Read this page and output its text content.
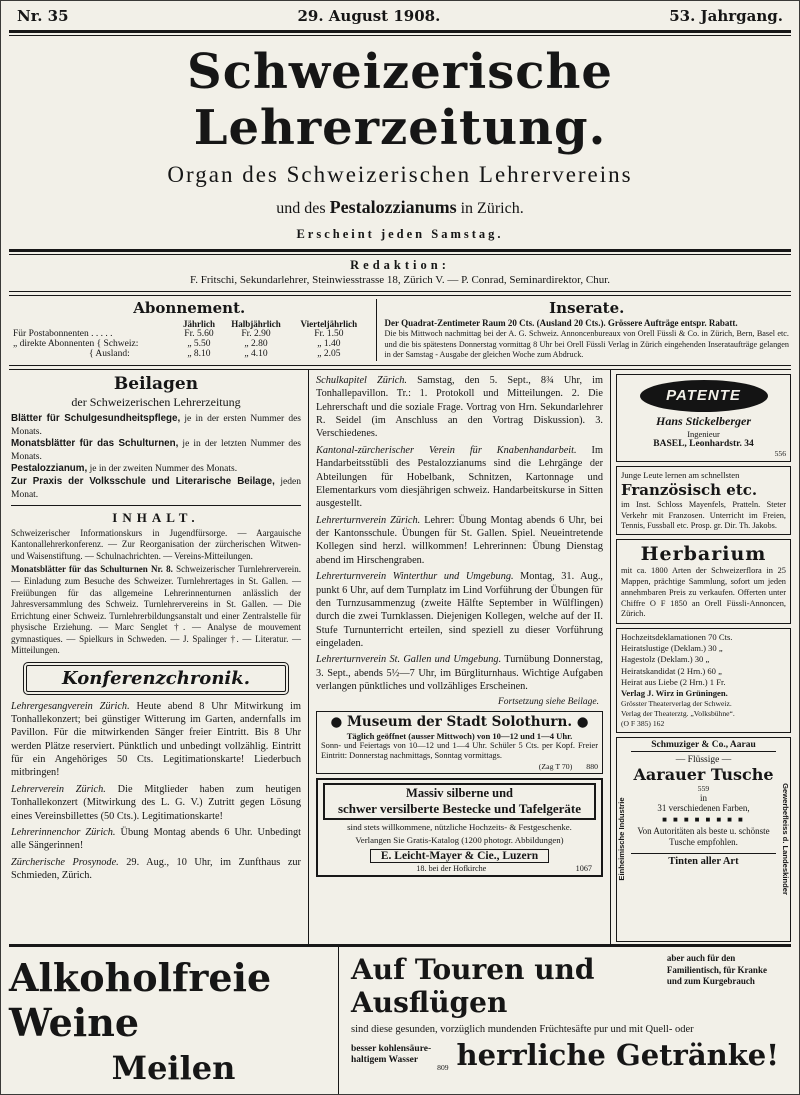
Nr. 35	29. August 1908.	53. Jahrgang.
Schweizerische Lehrerzeitung.
Organ des Schweizerischen Lehrervereins
und des Pestalozzianums in Zürich.
Erscheint jeden Samstag.
Redaktion:
F. Fritschi, Sekundarlehrer, Steinwiesstrasse 18, Zürich V. — P. Conrad, Seminardirektor, Chur.
Abonnement.
	Jährlich	Halbjährlich	Vierteljährlich
Für Postabonnenten . . . . .	Fr. 5.60	Fr. 2.90	Fr. 1.50
„ direkte Abonnenten { Schweiz:	„ 5.50	„ 2.80	„ 1.40
{ Ausland:	„ 8.10	„ 4.10	„ 2.05
Inserate.
Der Quadrat-Zentimeter Raum 20 Cts. (Ausland 20 Cts.). Grössere Aufträge entspr. Rabatt.
Die bis Mittwoch nachmittag bei der A. G. Schweiz. Annoncenbureaux von Orell Füssli & Co. in Zürich, Bern, Basel etc. und die bis spätestens Donnerstag vormittag 8 Uhr bei Orell Füssli Verlag in Zürich eingehenden Inserataufträge gelangen in der Samstag - Ausgabe der gleichen Woche zum Abdruck.
Beilagen
der Schweizerischen Lehrerzeitung
Blätter für Schulgesundheitspflege, je in der ersten Nummer des Monats.
Monatsblätter für das Schulturnen, je in der letzten Nummer des Monats.
Pestalozzianum, je in der zweiten Nummer des Monats.
Zur Praxis der Volksschule und Literarische Beilage, jeden Monat.
INHALT.

Schweizerischer Informationskurs in Jugendfürsorge. — Aargauische Kantonallehrerkonferenz. — Zur Reorganisation der zürcherischen Witwen- und Waisenstiftung. — Schulnachrichten. — Vereins-Mitteilungen.

Monatsblätter für das Schulturnen Nr. 8. Schweizerischer Turnlehrerverein. — Einladung zum Besuche des Schweizer. Turnlehrertages in St. Gallen. — Freiübungen für das allgemeine Lehrerinnenturnen anlässlich der Jahresversammlung des Schweiz. Turnlehrervereins in St. Gallen. — Die Errichtung einer Schweiz. Turnlehrerbildungsanstalt und einer Zentralstelle für physische Erziehung. — Marc Senglet †. — Analyse de mouvement gymnastiques. — Spielkurs in Schweden. — J. Spalinger †. — Literatur. — Mitteilungen.

Konferenzchronik.

Lehrergesangverein Zürich. Heute abend 8 Uhr Mitwirkung im Tonhallekonzert; bei günstiger Witterung im Garten, andernfalls im Pavillon. Für die mitwirkenden Sänger freier Eintritt. Bis 8 Uhr werden Plätze reserviert. Pünktlich und unbedingt vollzählig. Eintritt für ein Angehöriges 50 Cts. Legitimationskarte! Liederbuch mitbringen!

Lehrerverein Zürich. Die Mitglieder haben zum heutigen Tonhallekonzert (Mitwirkung des L. G. V.) Zutritt gegen Lösung eines Vereinsbillettes (50 Cts.). Legitimationskarte!

Lehrerinnenchor Zürich. Übung Montag abends 6 Uhr. Unbedingt alle Sängerinnen!

Zürcherische Prosynode. 29. Aug., 10 Uhr, im Zunfthaus zur Schmieden, Zürich.

Schulkapitel Zürich. Samstag, den 5. Sept., 8¾ Uhr, im Tonhallepavillon. Tr.: 1. Protokoll und Mitteilungen. 2. Die Lehrerschaft und die soziale Frage. Vortrag von Hrn. Sekundarlehrer R. Seidel (im Anschluss an den Vortrag Diskussion). 3. Verschiedenes.

Kantonal-zürcherischer Verein für Knabenhandarbeit. Im Handarbeitsstübli des Pestalozzianums sind die Lehrgänge der Abteilungen für Hobelbank, Schnitzen, Kartonnage und Elementarkurs vom diesjährigen schweiz. Handarbeitskurse in Sitten ausgestellt.

Lehrerturnverein Zürich. Lehrer: Übung Montag abends 6 Uhr, bei der Kantonsschule. Übungen für St. Gallen. Spiel. Neueintretende Kollegen sind herzl. willkommen! Lehrerinnen: Übung Dienstag abend im Hirschengraben.

Lehrerturnverein Winterthur und Umgebung. Montag, 31. Aug., punkt 6 Uhr, auf dem Turnplatz im Lind Vorführung der Übungen für den Turnzusammenzug (zweite Hälfte September in Wülflingen) durch die zwei Turnklassen. Diejenigen Kollegen, welche auf der II. Stufe Turnunterricht erteilen, sind speziell zu dieser Vorführung eingeladen.

Lehrerturnverein St. Gallen und Umgebung. Turnübung Donnerstag, 3. Sept., abends 5½—7 Uhr, im Bürgliturnhaus. Wichtige Aufgaben verlangen pünktliches und vollzähliges Erscheinen.

Fortsetzung siehe Beilage.
● Museum der Stadt Solothurn. ●
Täglich geöffnet (ausser Mittwoch) von 10—12 und 1—4 Uhr.
Sonn- und Feiertags von 10—12 und 1—4 Uhr. Schüler 5 Cts. per Kopf. Freier Eintritt: Donnerstag nachmittags, Sonntag vormittags.
(Zag T 70) 880
Massiv silberne und
schwer versilberte Bestecke und Tafelgeräte
sind stets willkommene, nützliche Hochzeits- & Festgeschenke.
Verlangen Sie Gratis-Katalog (1200 photogr. Abbildungen)
E. Leicht-Mayer & Cie., Luzern
18. bei der Hofkirche	1067
PATENTE
Hans Stickelberger
Ingenieur
BASEL, Leonhardstr. 34
556
Junge Leute lernen am schnellsten
Französisch etc.
im Inst. Schloss Mayenfels, Pratteln. Steter Verkehr mit Franzosen. Unterricht im Freien, Tennis, Fussball etc. Prosp. gr. Dir. Th. Jakobs.
Herbarium
mit ca. 1800 Arten der Schweizerflora in 25 Mappen, prächtige Sammlung, sofort um jeden annehmbaren Preis zu verkaufen. Offerten unter Chiffre O F 1850 an Orell Füssli-Annoncen, Zürich.
Hochzeitsdeklamationen 70 Cts.
Heiratslustige (Deklam.) 30 „
Hagestolz (Deklam.) 30 „
Heiratskandidat (2 Hrn.) 60 „
Heirat aus Liebe (2 Hrn.) 1 Fr.
Verlag J. Wirz in Grüningen.
Grösster Theaterverlag der Schweiz.
Verlag der Theaterztg. „Volksbühne“.
(O F 385) 162
Einheimische Industrie	Gewerbefleiss d. Landeskinder
Schmuziger & Co., Aarau
— Flüssige —
Aarauer Tusche
559
in
31 verschiedenen Farben,
■ ■ ■ ■ ■ ■ ■ ■
Von Autoritäten als beste u. schönste Tusche empfohlen.
Tinten aller Art
Alkoholfreie Weine
Meilen
Auf Touren und Ausflügen
aber auch für den Familientisch, für Kranke und zum Kurgebrauch
sind diese gesunden, vorzüglich mundenden Früchtesäfte pur und mit Quell- oder
besser kohlensäure-
haltigem Wasser
809 herrliche Getränke!
